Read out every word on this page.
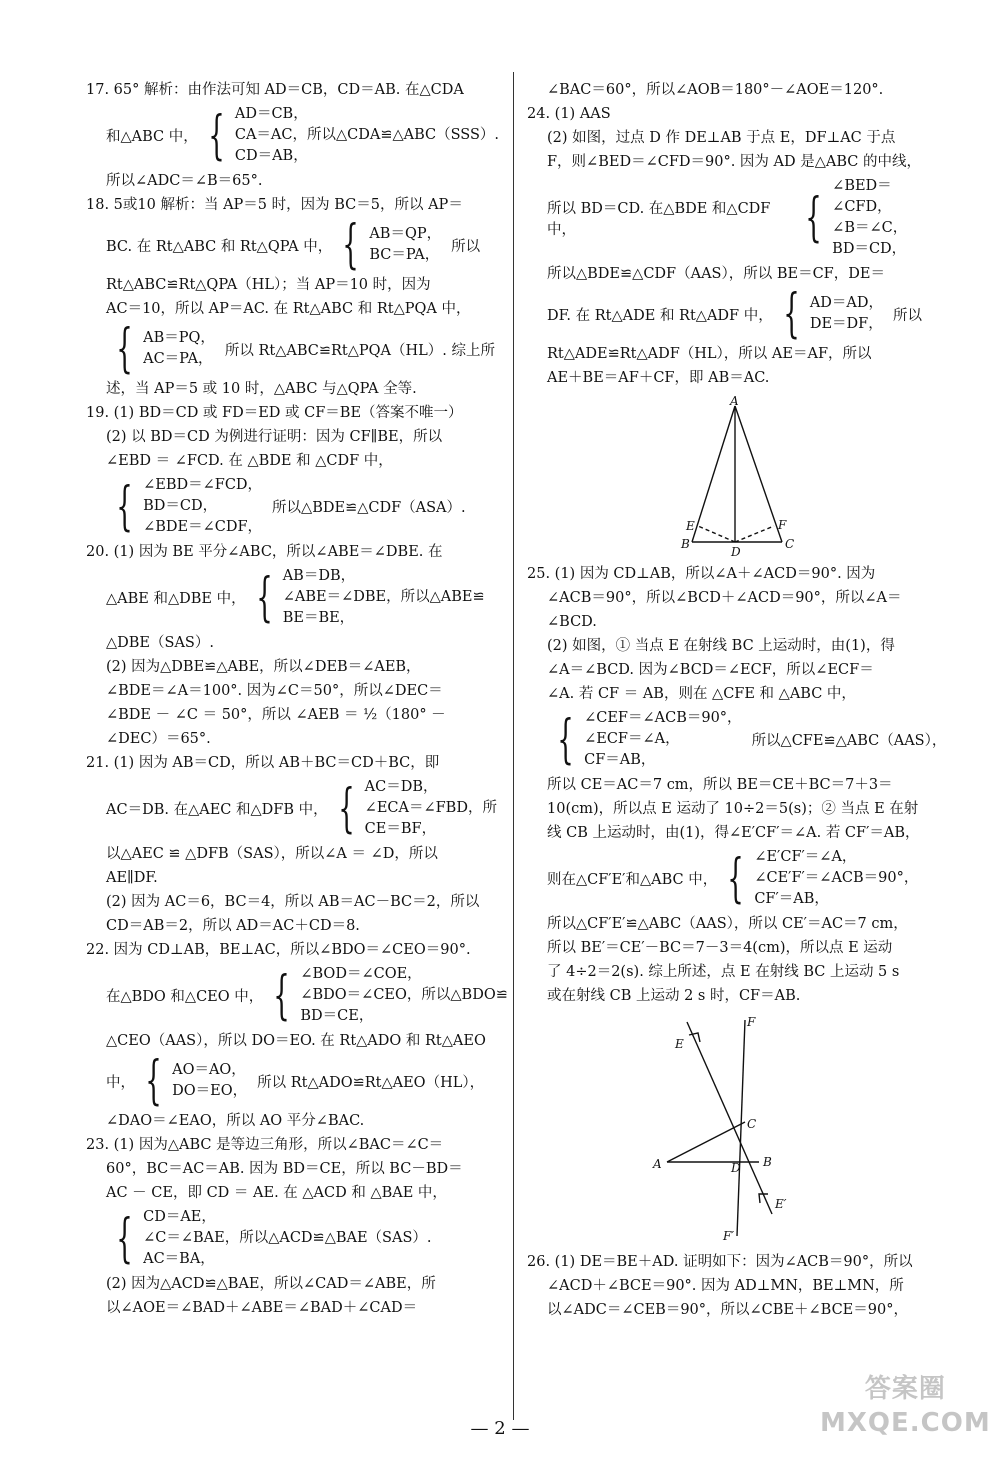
17. 65° 解析：由作法可知 AD＝CB，CD＝AB. 在△CDA

和△ABC 中， { AD＝CB，

CA＝AC，所以△CDA≌△ABC（SSS）.

CD＝AB，

所以∠ADC＝∠B＝65°.

18. 5或10 解析：当 AP＝5 时，因为 BC＝5，所以 AP＝

BC. 在 Rt△ABC 和 Rt△QPA 中， { AB＝QP，

BC＝PA，

所以

Rt△ABC≌Rt△QPA（HL）；当 AP＝10 时，因为

AC＝10，所以 AP＝AC. 在 Rt△ABC 和 Rt△PQA 中，

{ AB＝PQ，

AC＝PA，

所以 Rt△ABC≌Rt△PQA（HL）. 综上所

述，当 AP＝5 或 10 时，△ABC 与△QPA 全等.

19. (1) BD＝CD 或 FD＝ED 或 CF＝BE（答案不唯一）

(2) 以 BD＝CD 为例进行证明：因为 CF∥BE，所以

∠EBD ＝ ∠FCD. 在 △BDE 和 △CDF 中，

{ ∠EBD＝∠FCD，

BD＝CD，

∠BDE＝∠CDF，

所以△BDE≌△CDF（ASA）.

20. (1) 因为 BE 平分∠ABC，所以∠ABE＝∠DBE. 在

△ABE 和△DBE 中， { AB＝DB，

∠ABE＝∠DBE，所以△ABE≌

BE＝BE，

△DBE（SAS）.

(2) 因为△DBE≌△ABE，所以∠DEB＝∠AEB，

∠BDE＝∠A＝100°. 因为∠C＝50°，所以∠DEC＝

∠BDE － ∠C ＝ 50°，所以 ∠AEB ＝ ½（180° －

∠DEC）＝65°.

21. (1) 因为 AB＝CD，所以 AB＋BC＝CD＋BC，即

AC＝DB. 在△AEC 和△DFB 中， { AC＝DB，

∠ECA＝∠FBD，所

CE＝BF，

以△AEC ≌ △DFB（SAS），所以∠A ＝ ∠D，所以

AE∥DF.

(2) 因为 AC＝6，BC＝4，所以 AB＝AC－BC＝2，所以

CD＝AB＝2，所以 AD＝AC＋CD＝8.

22. 因为 CD⊥AB，BE⊥AC，所以∠BDO＝∠CEO＝90°.

在△BDO 和△CEO 中， { ∠BOD＝∠COE，

∠BDO＝∠CEO，所以△BDO≌

BD＝CE，

△CEO（AAS），所以 DO＝EO. 在 Rt△ADO 和 Rt△AEO

中， { AO＝AO，

DO＝EO，

所以 Rt△ADO≌Rt△AEO（HL），

∠DAO＝∠EAO，所以 AO 平分∠BAC.

23. (1) 因为△ABC 是等边三角形，所以∠BAC＝∠C＝

60°，BC＝AC＝AB. 因为 BD＝CE，所以 BC－BD＝

AC － CE，即 CD ＝ AE. 在 △ACD 和 △BAE 中，

{ CD＝AE，

∠C＝∠BAE，所以△ACD≌△BAE（SAS）.

AC＝BA，

(2) 因为△ACD≌△BAE，所以∠CAD＝∠ABE，所

以∠AOE＝∠BAD＋∠ABE＝∠BAD＋∠CAD＝

∠BAC＝60°，所以∠AOB＝180°－∠AOE＝120°.

24. (1) AAS

(2) 如图，过点 D 作 DE⊥AB 于点 E，DF⊥AC 于点

F，则∠BED＝∠CFD＝90°. 因为 AD 是△ABC 的中线，

所以 BD＝CD. 在△BDE 和△CDF 中，	{

∠BED＝∠CFD，

∠B＝∠C，

BD＝CD，

所以△BDE≌△CDF（AAS），所以 BE＝CF，DE＝

DF. 在 Rt△ADE 和 Rt△ADF 中， { AD＝AD，

DE＝DF，

所以

Rt△ADE≌Rt△ADF（HL），所以 AE＝AF，所以

AE＋BE＝AF＋CF，即 AB＝AC.

A
B	C
D
E	F

25. (1) 因为 CD⊥AB，所以∠A＋∠ACD＝90°. 因为

∠ACB＝90°，所以∠BCD＋∠ACD＝90°，所以∠A＝

∠BCD.

(2) 如图，① 当点 E 在射线 BC 上运动时，由(1)，得

∠A＝∠BCD. 因为∠BCD＝∠ECF，所以∠ECF＝

∠A. 若 CF ＝ AB，则在 △CFE 和 △ABC 中，

{ ∠CEF＝∠ACB＝90°，

∠ECF＝∠A，

CF＝AB，

所以△CFE≌△ABC（AAS），

所以 CE＝AC＝7 cm，所以 BE＝CE＋BC＝7＋3＝

10(cm)，所以点 E 运动了 10÷2＝5(s)；② 当点 E 在射

线 CB 上运动时，由(1)，得∠E′CF′＝∠A. 若 CF′＝AB，

则在△CF′E′和△ABC 中， { ∠E′CF′＝∠A，

∠CE′F′＝∠ACB＝90°，

CF′＝AB，

所以△CF′E′≌△ABC（AAS），所以 CE′＝AC＝7 cm，

所以 BE′＝CE′－BC＝7－3＝4(cm)，所以点 E 运动

了 4÷2＝2(s). 综上所述，点 E 在射线 BC 上运动 5 s

或在射线 CB 上运动 2 s 时，CF＝AB.

E
F
C
A	D B
E′
F′

26. (1) DE＝BE＋AD. 证明如下：因为∠ACB＝90°，所以

∠ACD＋∠BCE＝90°. 因为 AD⊥MN，BE⊥MN，所

以∠ADC＝∠CEB＝90°，所以∠CBE＋∠BCE＝90°，

— 2 —
答案圈
MXQE.COM
